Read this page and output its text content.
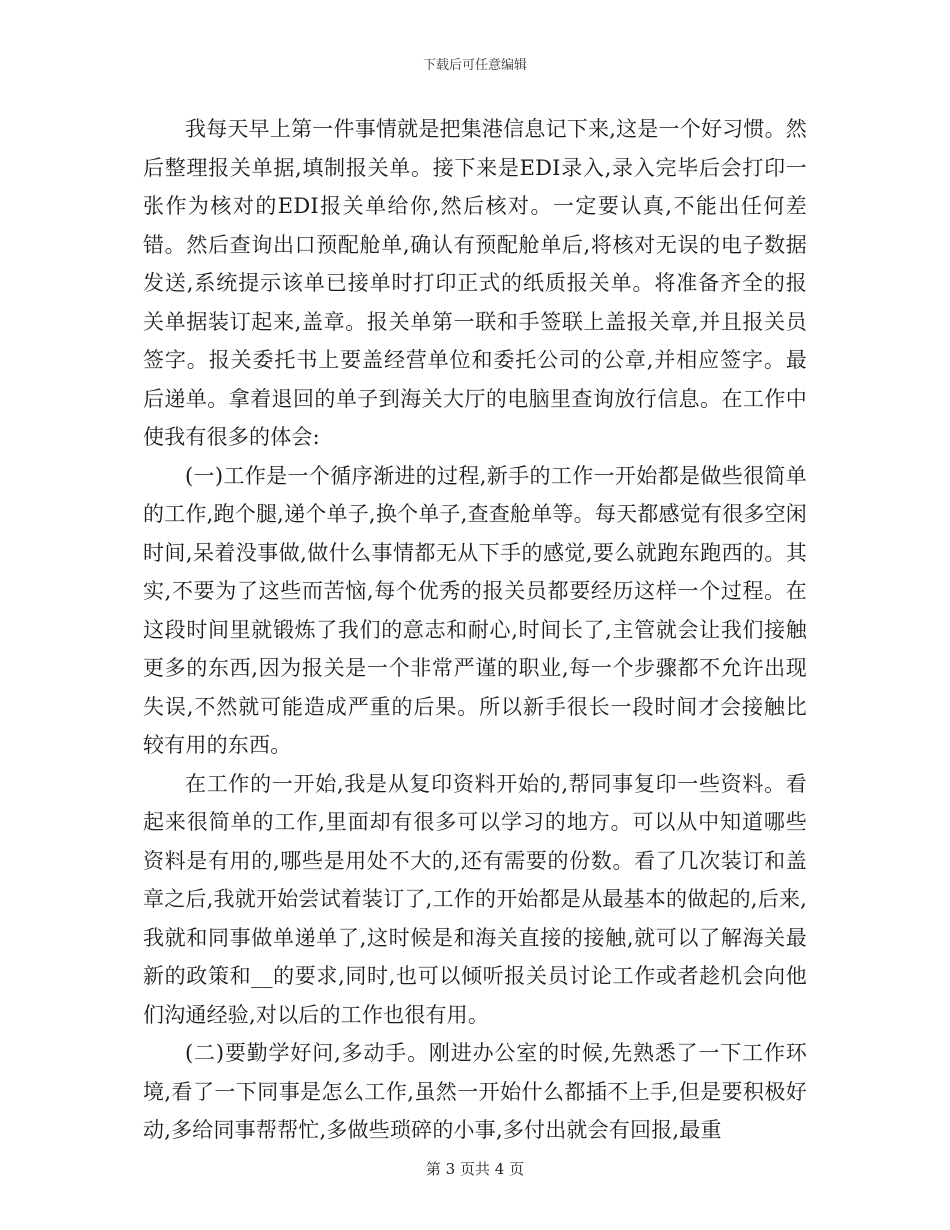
下载后可任意编辑

我每天早上第一件事情就是把集港信息记下来,这是一个好习惯。然后整理报关单据,填制报关单。接下来是EDI录入,录入完毕后会打印一张作为核对的EDI报关单给你,然后核对。一定要认真,不能出任何差错。然后查询出口预配舱单,确认有预配舱单后,将核对无误的电子数据发送,系统提示该单已接单时打印正式的纸质报关单。将准备齐全的报关单据装订起来,盖章。报关单第一联和手签联上盖报关章,并且报关员签字。报关委托书上要盖经营单位和委托公司的公章,并相应签字。最后递单。拿着退回的单子到海关大厅的电脑里查询放行信息。在工作中使我有很多的体会:

(一)工作是一个循序渐进的过程,新手的工作一开始都是做些很简单的工作,跑个腿,递个单子,换个单子,查查舱单等。每天都感觉有很多空闲时间,呆着没事做,做什么事情都无从下手的感觉,要么就跑东跑西的。其实,不要为了这些而苦恼,每个优秀的报关员都要经历这样一个过程。在这段时间里就锻炼了我们的意志和耐心,时间长了,主管就会让我们接触更多的东西,因为报关是一个非常严谨的职业,每一个步骤都不允许出现失误,不然就可能造成严重的后果。所以新手很长一段时间才会接触比较有用的东西。

在工作的一开始,我是从复印资料开始的,帮同事复印一些资料。看起来很简单的工作,里面却有很多可以学习的地方。可以从中知道哪些资料是有用的,哪些是用处不大的,还有需要的份数。看了几次装订和盖章之后,我就开始尝试着装订了,工作的开始都是从最基本的做起的,后来,我就和同事做单递单了,这时候是和海关直接的接触,就可以了解海关最新的政策和__的要求,同时,也可以倾听报关员讨论工作或者趁机会向他们沟通经验,对以后的工作也很有用。

(二)要勤学好问,多动手。刚进办公室的时候,先熟悉了一下工作环境,看了一下同事是怎么工作,虽然一开始什么都插不上手,但是要积极好动,多给同事帮帮忙,多做些琐碎的小事,多付出就会有回报,最重

第 3 页共 4 页
